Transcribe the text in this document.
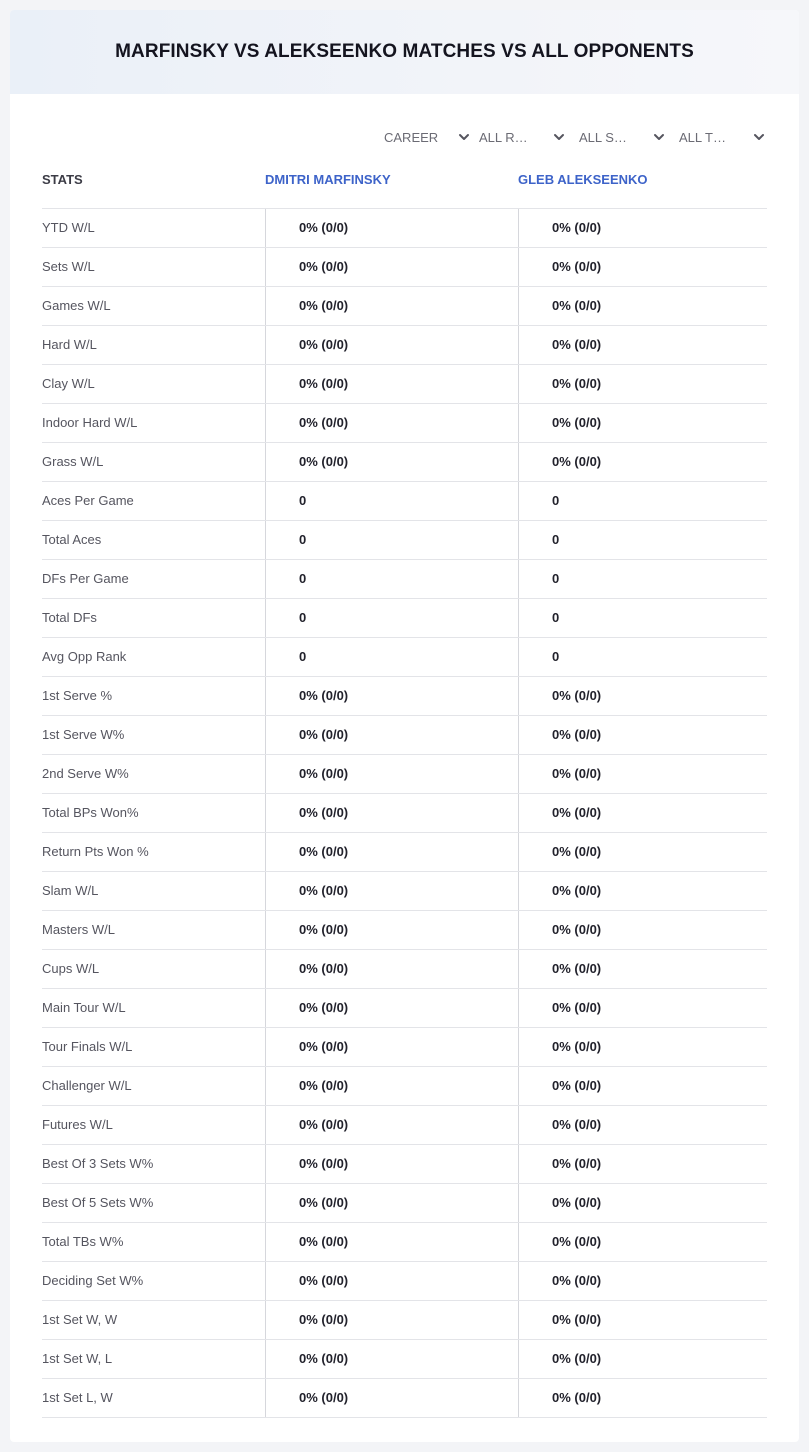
MARFINSKY VS ALEKSEENKO MATCHES VS ALL OPPONENTS
CAREER	ALL R…	ALL S…	ALL T…
STATS	DMITRI MARFINSKY	GLEB ALEKSEENKO
YTD W/L	0% (0/0)	0% (0/0)
Sets W/L	0% (0/0)	0% (0/0)
Games W/L	0% (0/0)	0% (0/0)
Hard W/L	0% (0/0)	0% (0/0)
Clay W/L	0% (0/0)	0% (0/0)
Indoor Hard W/L	0% (0/0)	0% (0/0)
Grass W/L	0% (0/0)	0% (0/0)
Aces Per Game	0	0
Total Aces	0	0
DFs Per Game	0	0
Total DFs	0	0
Avg Opp Rank	0	0
1st Serve %	0% (0/0)	0% (0/0)
1st Serve W%	0% (0/0)	0% (0/0)
2nd Serve W%	0% (0/0)	0% (0/0)
Total BPs Won%	0% (0/0)	0% (0/0)
Return Pts Won %	0% (0/0)	0% (0/0)
Slam W/L	0% (0/0)	0% (0/0)
Masters W/L	0% (0/0)	0% (0/0)
Cups W/L	0% (0/0)	0% (0/0)
Main Tour W/L	0% (0/0)	0% (0/0)
Tour Finals W/L	0% (0/0)	0% (0/0)
Challenger W/L	0% (0/0)	0% (0/0)
Futures W/L	0% (0/0)	0% (0/0)
Best Of 3 Sets W%	0% (0/0)	0% (0/0)
Best Of 5 Sets W%	0% (0/0)	0% (0/0)
Total TBs W%	0% (0/0)	0% (0/0)
Deciding Set W%	0% (0/0)	0% (0/0)
1st Set W, W	0% (0/0)	0% (0/0)
1st Set W, L	0% (0/0)	0% (0/0)
1st Set L, W	0% (0/0)	0% (0/0)
